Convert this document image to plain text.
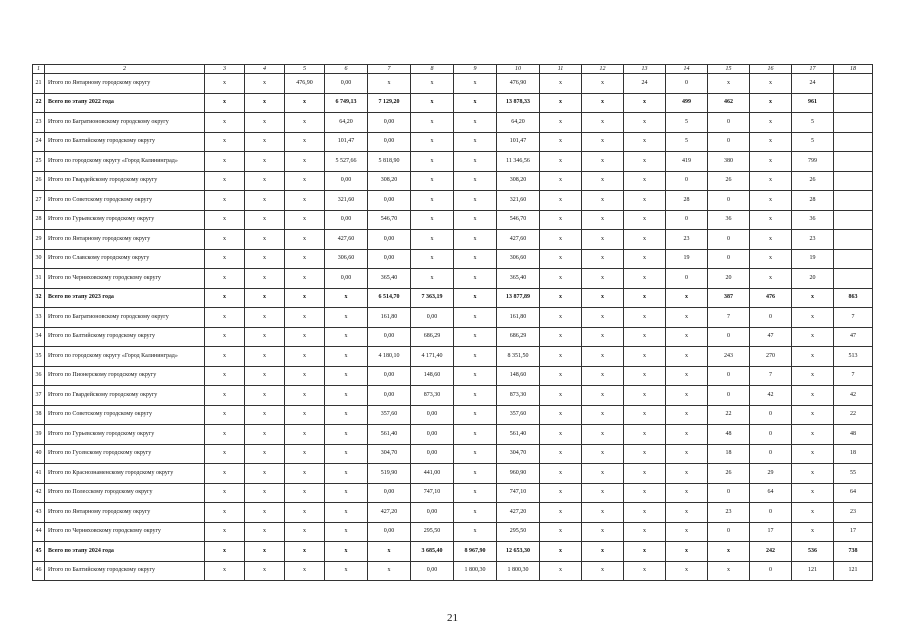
1	2	3	4	5	6	7	8	9	10	11	12	13	14	15	16	17	18
21	Итого по Янтарному городскому округу	х	х	476,90	0,00	х	х	х	476,90	х	х	24	0	х	х	24	
22	Всего по этапу 2022 года	х	х	х	6 749,13	7 129,20	х	х	13 878,33	х	х	х	499	462	х	961	
23	Итого по Багратионовскому городскому округу	х	х	х	64,20	0,00	х	х	64,20	х	х	х	5	0	х	5	
24	Итого по Балтийскому городскому округу	х	х	х	101,47	0,00	х	х	101,47	х	х	х	5	0	х	5	
25	Итого по городскому округу «Город Калининград»	х	х	х	5 527,66	5 818,90	х	х	11 346,56	х	х	х	419	380	х	799	
26	Итого по Гвардейскому городскому округу	х	х	х	0,00	308,20	х	х	308,20	х	х	х	0	26	х	26	
27	Итого по Советскому городскому округу	х	х	х	321,60	0,00	х	х	321,60	х	х	х	28	0	х	28	
28	Итого по Гурьевскому городскому округу	х	х	х	0,00	546,70	х	х	546,70	х	х	х	0	36	х	36	
29	Итого по Янтарному городскому округу	х	х	х	427,60	0,00	х	х	427,60	х	х	х	23	0	х	23	
30	Итого по Славскому городскому округу	х	х	х	306,60	0,00	х	х	306,60	х	х	х	19	0	х	19	
31	Итого по Черняховскому городскому округу	х	х	х	0,00	365,40	х	х	365,40	х	х	х	0	20	х	20	
32	Всего по этапу 2023 года	х	х	х	х	6 514,70	7 363,19	х	13 877,89	х	х	х	х	387	476	х	863
33	Итого по Багратионовскому городскому округу	х	х	х	х	161,80	0,00	х	161,80	х	х	х	х	7	0	х	7
34	Итого по Балтийскому городскому округу	х	х	х	х	0,00	686,29	х	686,29	х	х	х	х	0	47	х	47
35	Итого по городскому округу «Город Калининград»	х	х	х	х	4 180,10	4 171,40	х	8 351,50	х	х	х	х	243	270	х	513
36	Итого по Пионерскому городскому округу	х	х	х	х	0,00	148,60	х	148,60	х	х	х	х	0	7	х	7
37	Итого по Гвардейскому городскому округу	х	х	х	х	0,00	873,30	х	873,30	х	х	х	х	0	42	х	42
38	Итого по Советскому городскому округу	х	х	х	х	357,60	0,00	х	357,60	х	х	х	х	22	0	х	22
39	Итого по Гурьевскому городскому округу	х	х	х	х	561,40	0,00	х	561,40	х	х	х	х	48	0	х	48
40	Итого по Гусевскому городскому округу	х	х	х	х	304,70	0,00	х	304,70	х	х	х	х	18	0	х	18
41	Итого по Краснознаменскому городскому округу	х	х	х	х	519,90	441,00	х	960,90	х	х	х	х	26	29	х	55
42	Итого по Полесскому городскому округу	х	х	х	х	0,00	747,10	х	747,10	х	х	х	х	0	64	х	64
43	Итого по Янтарному городскому округу	х	х	х	х	427,20	0,00	х	427,20	х	х	х	х	23	0	х	23
44	Итого по Черняховскому городскому округу	х	х	х	х	0,00	295,50	х	295,50	х	х	х	х	0	17	х	17
45	Всего по этапу 2024 года	х	х	х	х	х	3 685,40	8 967,90	12 653,30	х	х	х	х	х	242	536	738
46	Итого по Балтийскому городскому округу	х	х	х	х	х	0,00	1 800,30	1 800,30	х	х	х	х	х	0	121	121
21
